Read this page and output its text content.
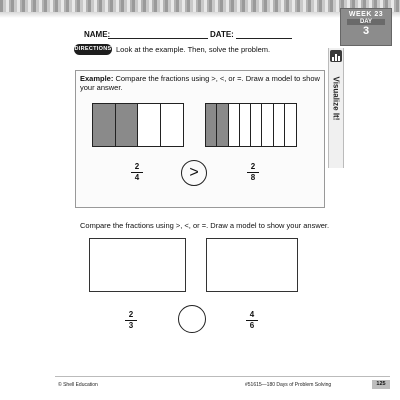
NAME:	DATE:
WEEK 23
DAY
3
Visualize It!
DIRECTIONS Look at the example. Then, solve the problem.
Example: Compare the fractions using >, <, or =. Draw a model to show your answer.
2
4	>	2
8
Compare the fractions using >, <, or =. Draw a model to show your answer.
2
3
4
6
© Shell Education	#51615—180 Days of Problem Solving	125
